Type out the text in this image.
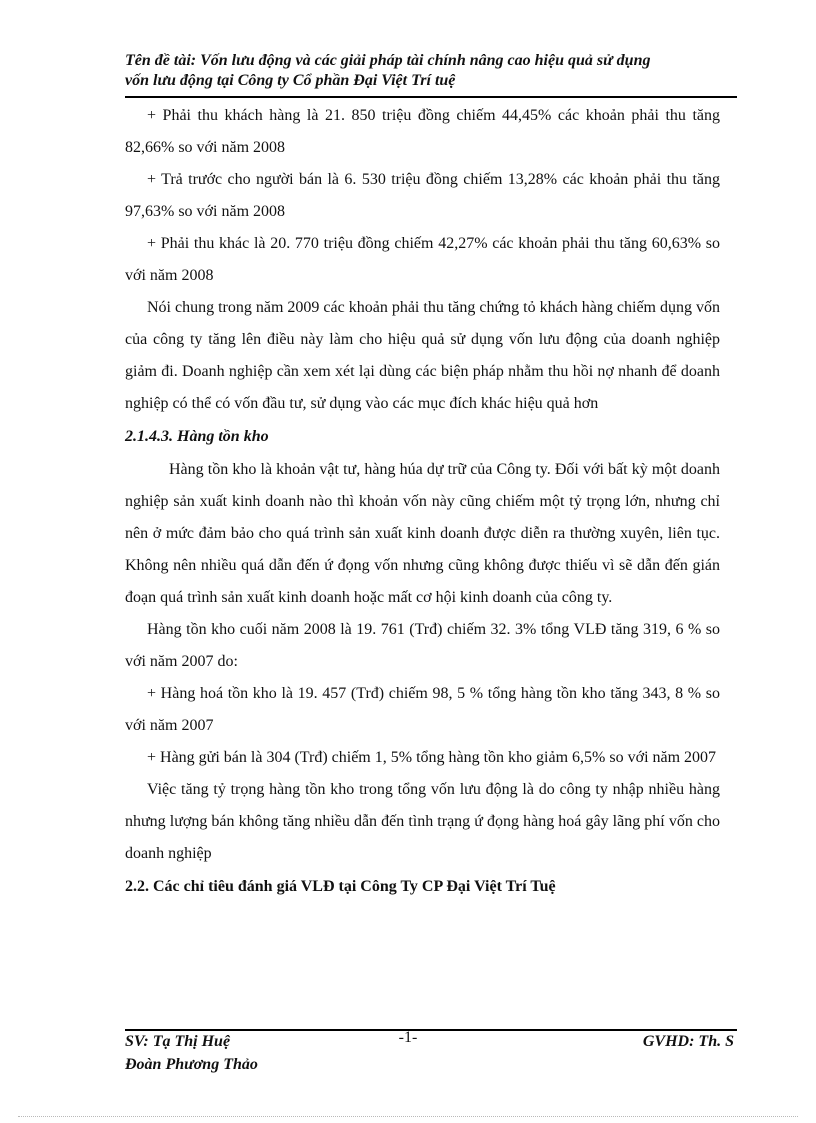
Tên đề tài: Vốn lưu động và các giải pháp tài chính nâng cao hiệu quả sử dụng
vốn lưu động tại Công ty Cổ phần Đại Việt Trí tuệ

+ Phải thu khách hàng là 21. 850 triệu đồng chiếm 44,45% các khoản phải thu tăng 82,66% so với năm 2008

+ Trả trước cho người bán là 6. 530 triệu đồng chiếm 13,28% các khoản phải thu tăng 97,63% so với năm 2008

+ Phải thu khác là 20. 770 triệu đồng chiếm 42,27% các khoản phải thu tăng 60,63% so với năm 2008

Nói chung trong năm 2009 các khoản phải thu tăng chứng tỏ khách hàng chiếm dụng vốn của công ty tăng lên điều này làm cho hiệu quả sử dụng vốn lưu động của doanh nghiệp giảm đi. Doanh nghiệp cần xem xét lại dùng các biện pháp nhằm thu hồi nợ nhanh để doanh nghiệp có thể có vốn đầu tư, sử dụng vào các mục đích khác hiệu quả hơn

2.1.4.3. Hàng tồn kho

Hàng tồn kho là khoản vật tư, hàng húa dự trữ của Công ty. Đối với bất kỳ một doanh nghiệp sản xuất kinh doanh nào thì khoản vốn này cũng chiếm một tỷ trọng lớn, nhưng chỉ nên ở mức đảm bảo cho quá trình sản xuất kinh doanh được diễn ra thường xuyên, liên tục. Không nên nhiều quá dẫn đến ứ đọng vốn nhưng cũng không được thiếu vì sẽ dẫn đến gián đoạn quá trình sản xuất kinh doanh hoặc mất cơ hội kinh doanh của công ty.

Hàng tồn kho cuối năm 2008 là 19. 761 (Trđ) chiếm 32. 3% tổng VLĐ tăng 319, 6 % so với năm 2007 do:

+ Hàng hoá tồn kho là 19. 457 (Trđ) chiếm 98, 5 % tổng hàng tồn kho tăng 343, 8 % so với năm 2007

+ Hàng gửi bán là 304 (Trđ) chiếm 1, 5% tổng hàng tồn kho giảm 6,5% so với năm 2007

Việc tăng tỷ trọng hàng tồn kho trong tổng vốn lưu động là do công ty nhập nhiều hàng nhưng lượng bán không tăng nhiều dẫn đến tình trạng ứ đọng hàng hoá gây lãng phí vốn cho doanh nghiệp

2.2. Các chỉ tiêu đánh giá VLĐ tại Công Ty CP Đại Việt Trí Tuệ

SV: Tạ Thị Huệ
Đoàn Phương Thảo
-1-	GVHD: Th. S
